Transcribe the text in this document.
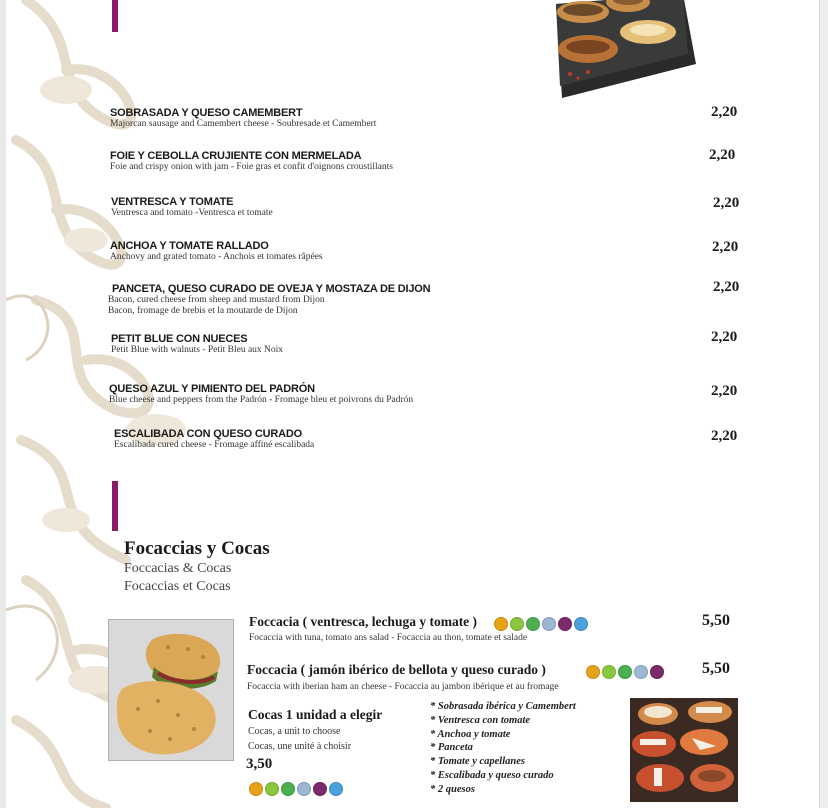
SOBRASADA Y QUESO CAMEMBERT
Majorcan sausage and Camembert cheese - Soubresade et Camembert
2,20
FOIE Y CEBOLLA CRUJIENTE CON MERMELADA
Foie and crispy onion with jam - Foie gras et confit d'oignons croustillants
2,20
VENTRESCA Y TOMATE
Ventresca and tomato -Ventresca et tomate
2,20
ANCHOA Y TOMATE RALLADO
Anchovy and grated tomato - Anchois et tomates râpées
2,20
PANCETA, QUESO CURADO DE OVEJA Y MOSTAZA DE DIJON
Bacon, cured cheese from sheep and mustard from Dijon
Bacon, fromage de brebis et la moutarde de Dijon
2,20
PETIT BLUE CON NUECES
Petit Blue with walnuts - Petit Bleu aux Noix
2,20
QUESO AZUL Y PIMIENTO DEL PADRÓN
Blue cheese and peppers from the Padrón - Fromage bleu et poivrons du Padrón
2,20
ESCALIBADA CON QUESO CURADO
Escalibada cured cheese - Fromage affiné escalibada
2,20
Focaccias y Cocas
Foccacias & Cocas
Focaccias et Cocas
Foccacia ( ventresca, lechuga y tomate )
Focaccia with tuna, tomato ans salad - Focaccia au thon, tomate et salade
5,50
Foccacia ( jamón ibérico de bellota y queso curado )
Focaccia with iberian ham an cheese - Focaccia au jambon ibérique et au fromage
5,50
Cocas 1 unidad a elegir
Cocas, a unit to choose
Cocas, une unité à choisir
3,50
* Sobrasada ibérica y Camembert
* Ventresca con tomate
* Anchoa y tomate
* Panceta
* Tomate y capellanes
* Escalibada y queso curado
* 2 quesos
